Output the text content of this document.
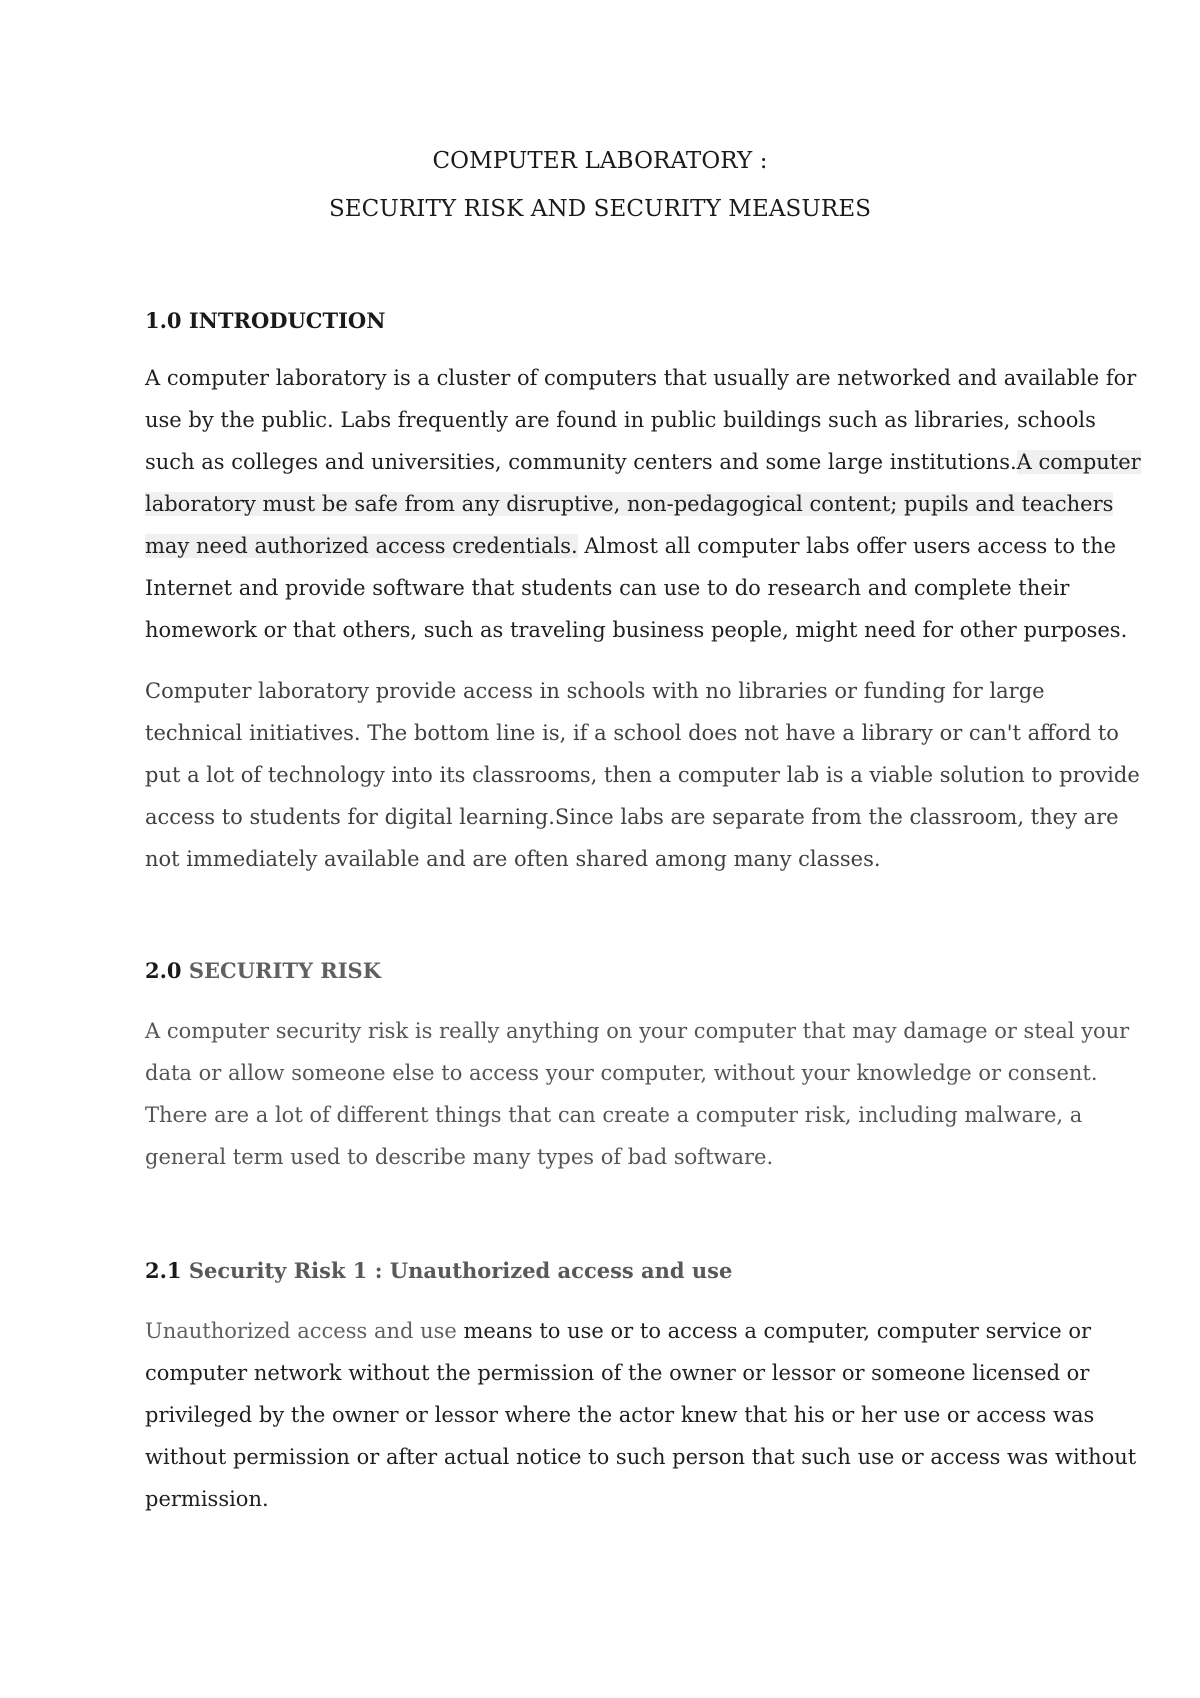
COMPUTER LABORATORY :
SECURITY RISK AND SECURITY MEASURES
1.0 INTRODUCTION
A computer laboratory is a cluster of computers that usually are networked and available for
use by the public. Labs frequently are found in public buildings such as libraries, schools
such as colleges and universities, community centers and some large institutions.A computer
laboratory must be safe from any disruptive, non-pedagogical content; pupils and teachers
may need authorized access credentials. Almost all computer labs offer users access to the
Internet and provide software that students can use to do research and complete their
homework or that others, such as traveling business people, might need for other purposes.
Computer laboratory provide access in schools with no libraries or funding for large
technical initiatives. The bottom line is, if a school does not have a library or can't afford to
put a lot of technology into its classrooms, then a computer lab is a viable solution to provide
access to students for digital learning.Since labs are separate from the classroom, they are
not immediately available and are often shared among many classes.
2.0 SECURITY RISK
A computer security risk is really anything on your computer that may damage or steal your
data or allow someone else to access your computer, without your knowledge or consent.
There are a lot of different things that can create a computer risk, including malware, a
general term used to describe many types of bad software.
2.1 Security Risk 1 : Unauthorized access and use
Unauthorized access and use means to use or to access a computer, computer service or
computer network without the permission of the owner or lessor or someone licensed or
privileged by the owner or lessor where the actor knew that his or her use or access was
without permission or after actual notice to such person that such use or access was without
permission.
